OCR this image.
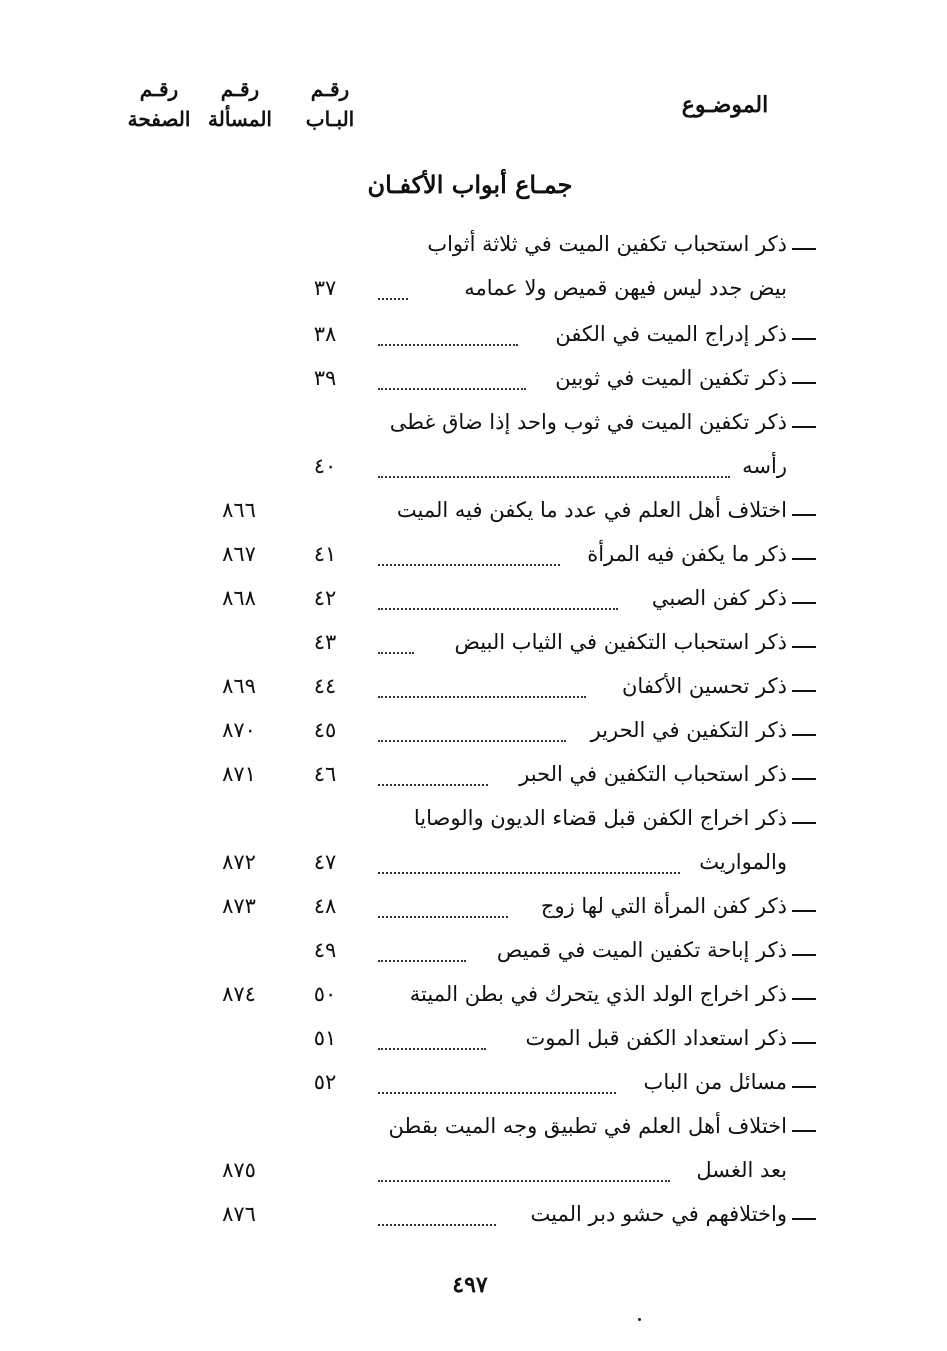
الموضـوع
رقـم
البـاب
رقـم
المسألة
رقـم
الصفحة
جمـاع أبواب الأكفـان
ذكر استحباب تكفين الميت في ثلاثة أثواب
بيض جدد ليس فيهن قميص ولا عمامه
٣٧
ذكر إدراج الميت في الكفن
٣٨
ذكر تكفين الميت في ثوبين
٣٩
ذكر تكفين الميت في ثوب واحد إذا ضاق غطى
رأسه
٤٠
اختلاف أهل العلم في عدد ما يكفن فيه الميت
٨٦٦
ذكر ما يكفن فيه المرأة
٤١
٨٦٧
ذكر كفن الصبي
٤٢
٨٦٨
ذكر استحباب التكفين في الثياب البيض
٤٣
ذكر تحسين الأكفان
٤٤
٨٦٩
ذكر التكفين في الحرير
٤٥
٨٧٠
ذكر استحباب التكفين في الحبر
٤٦
٨٧١
ذكر اخراج الكفن قبل قضاء الديون والوصايا
والمواريث
٤٧
٨٧٢
ذكر كفن المرأة التي لها زوج
٤٨
٨٧٣
ذكر إباحة تكفين الميت في قميص
٤٩
ذكر اخراج الولد الذي يتحرك في بطن الميتة
٥٠
٨٧٤
ذكر استعداد الكفن قبل الموت
٥١
مسائل من الباب
٥٢
اختلاف أهل العلم في تطبيق وجه الميت بقطن
بعد الغسل
٨٧٥
واختلافهم في حشو دبر الميت
٨٧٦
٤٩٧
